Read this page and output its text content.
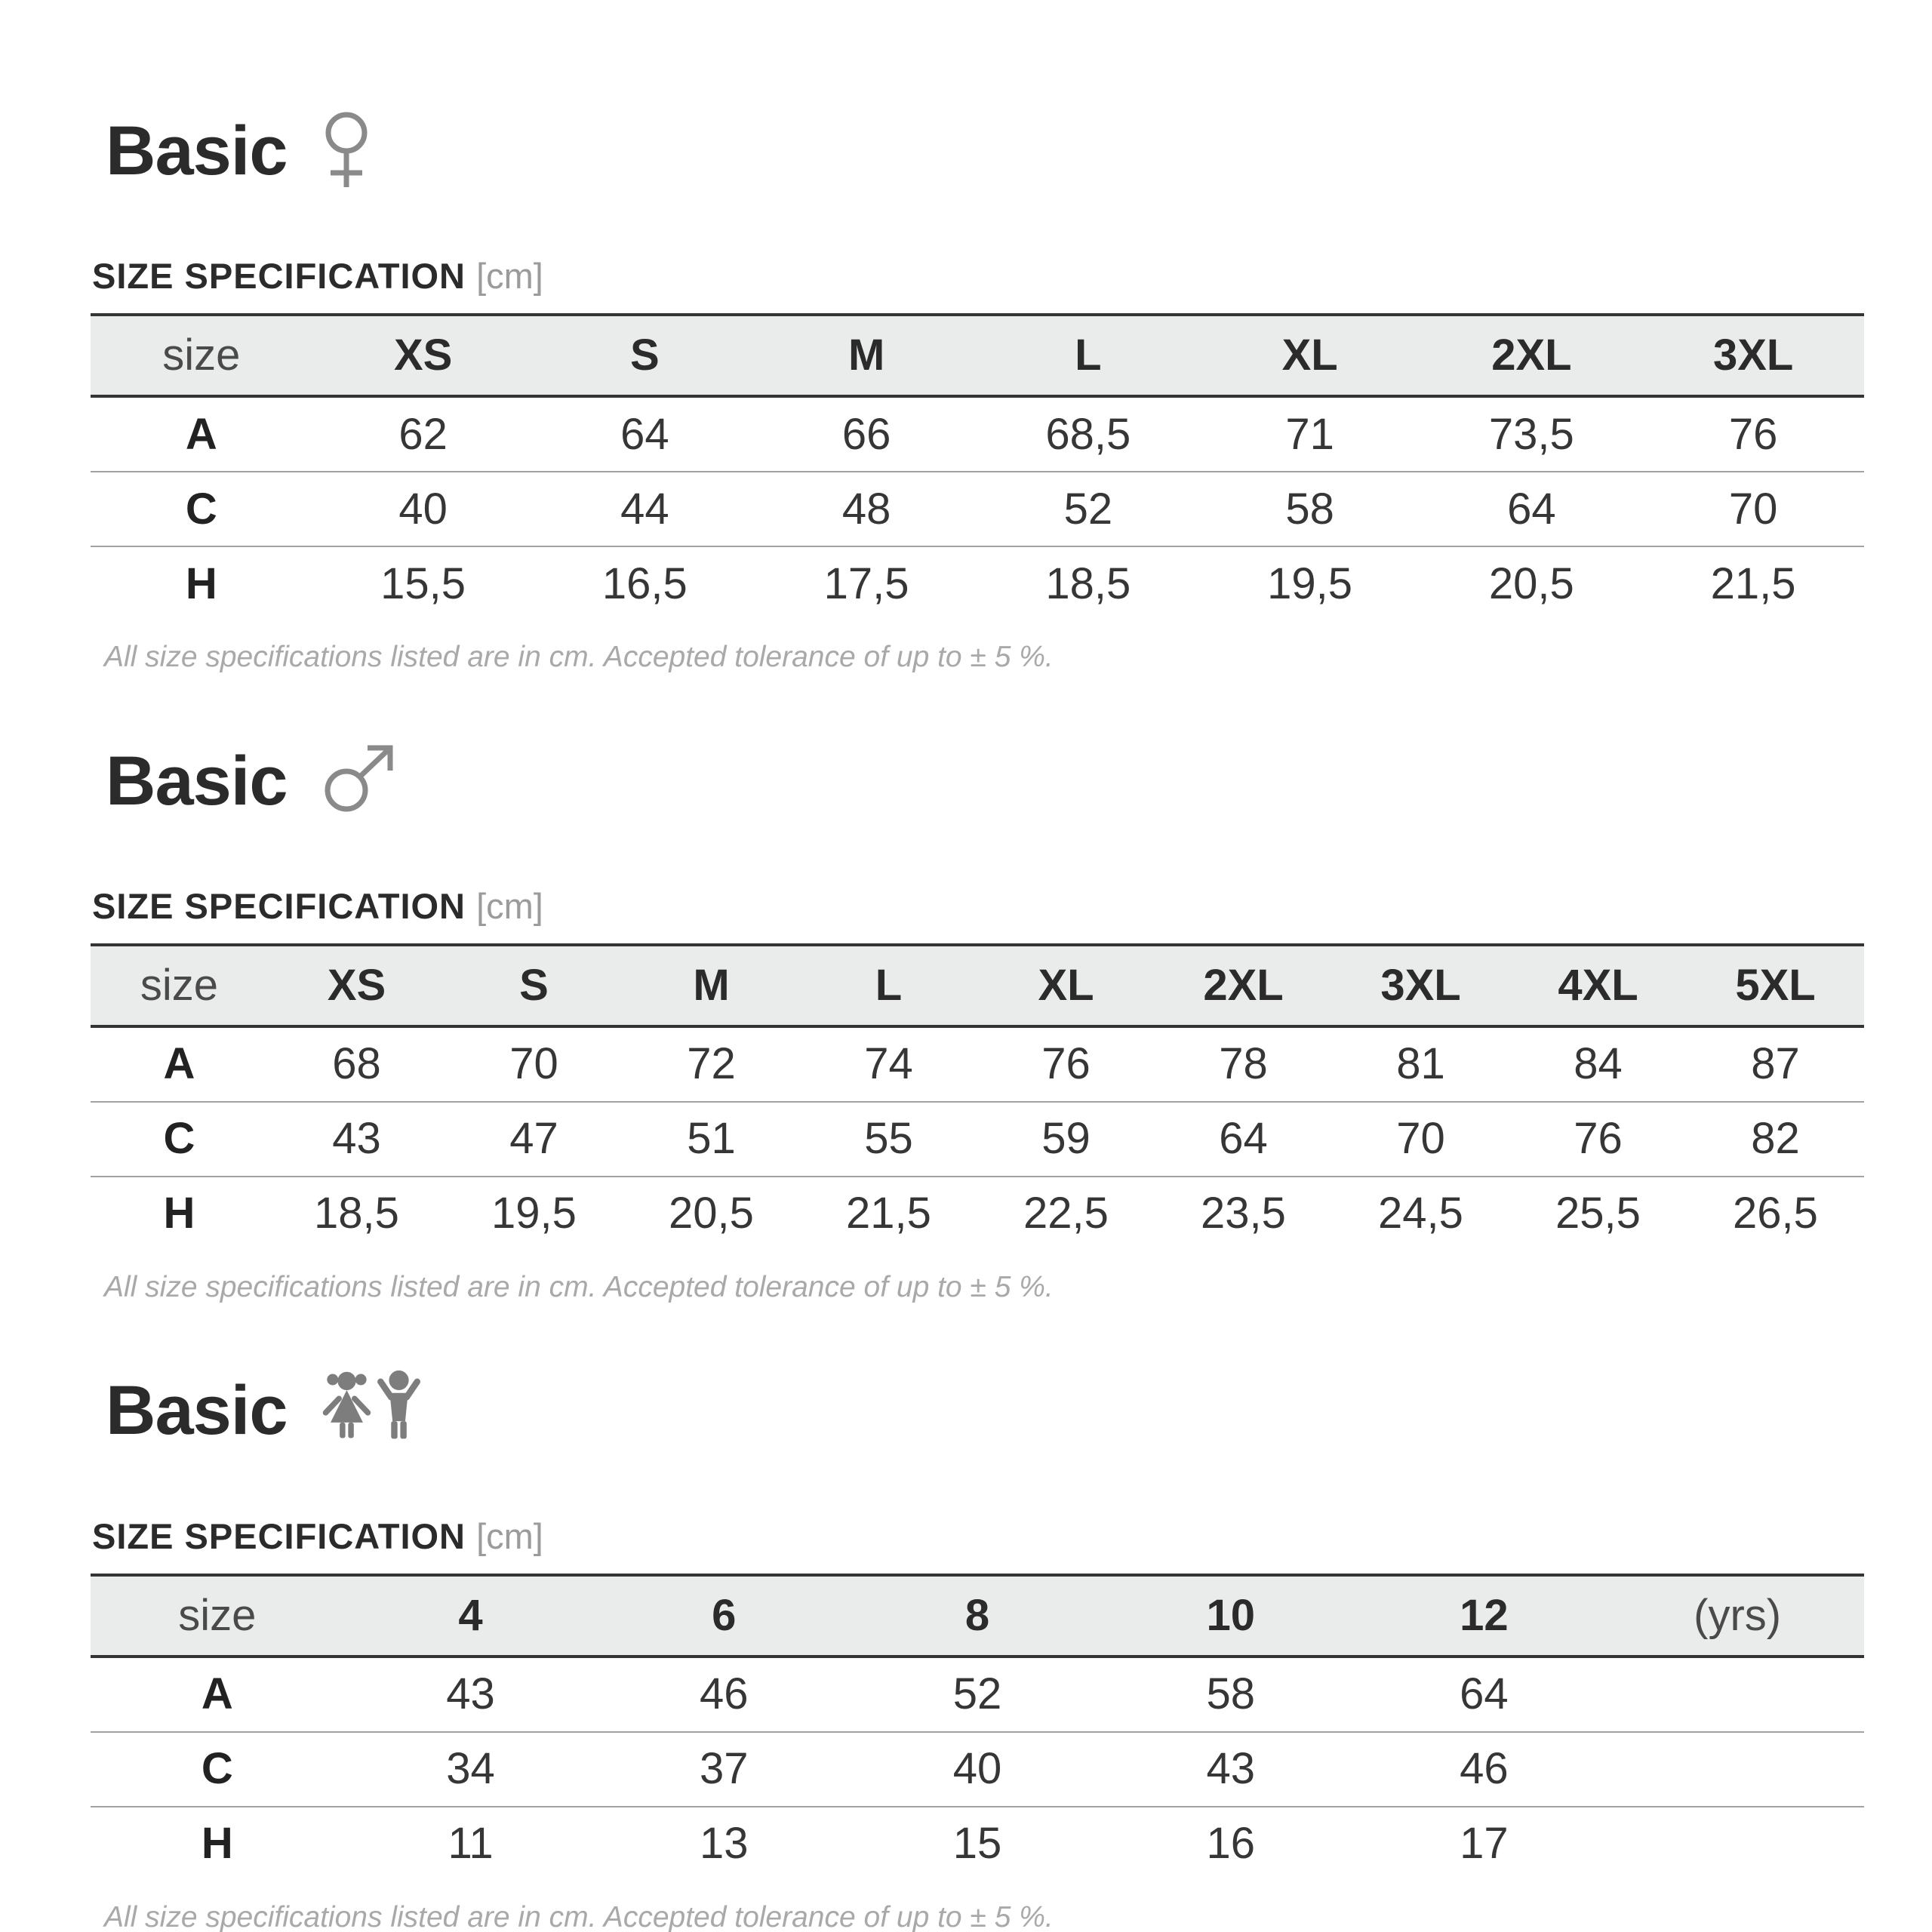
Basic
SIZE SPECIFICATION [cm]
size	XS	S	M	L	XL	2XL	3XL
A	62	64	66	68,5	71	73,5	76
C	40	44	48	52	58	64	70
H	15,5	16,5	17,5	18,5	19,5	20,5	21,5

All size specifications listed are in cm. Accepted tolerance of up to ± 5 %.

Basic
SIZE SPECIFICATION [cm]
size	XS	S	M	L	XL	2XL	3XL	4XL	5XL
A	68	70	72	74	76	78	81	84	87
C	43	47	51	55	59	64	70	76	82
H	18,5	19,5	20,5	21,5	22,5	23,5	24,5	25,5	26,5

All size specifications listed are in cm. Accepted tolerance of up to ± 5 %.

Basic
SIZE SPECIFICATION [cm]
size	4	6	8	10	12	(yrs)
A	43	46	52	58	64
C	34	37	40	43	46
H	11	13	15	16	17

All size specifications listed are in cm. Accepted tolerance of up to ± 5 %.
